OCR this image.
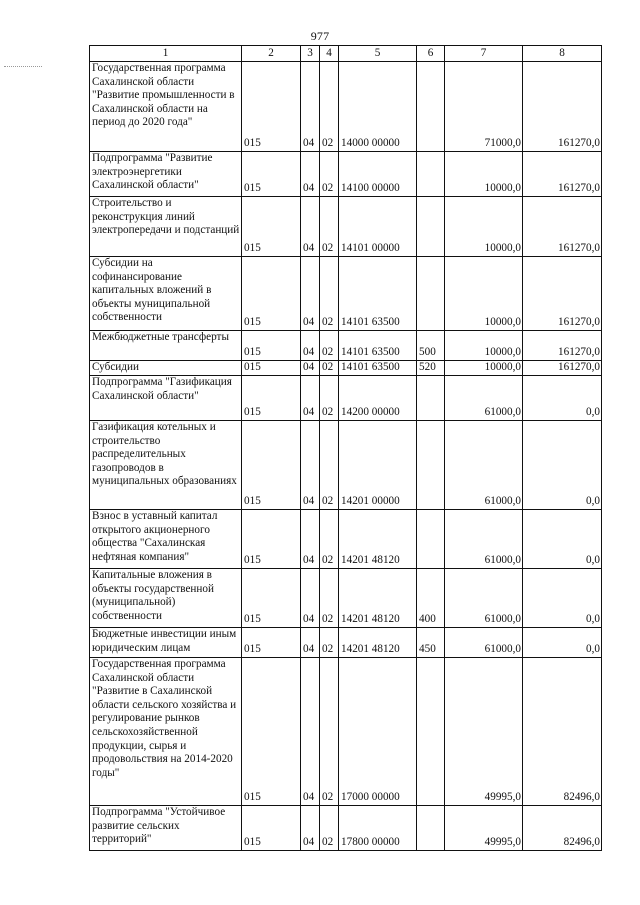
977
1	2	3	4	5	6	7	8
Государственная программа Сахалинской области "Развитие промышленности в Сахалинской области на период до 2020 года"	015	04	02	14000 00000		71000,0	161270,0
Подпрограмма "Развитие электроэнергетики Сахалинской области"	015	04	02	14100 00000		10000,0	161270,0
Строительство и реконструкция линий электропередачи и подстанций	015	04	02	14101 00000		10000,0	161270,0
Субсидии на софинансирование капитальных вложений в объекты муниципальной собственности	015	04	02	14101 63500		10000,0	161270,0
Межбюджетные трансферты	015	04	02	14101 63500	500	10000,0	161270,0
Субсидии	015	04	02	14101 63500	520	10000,0	161270,0
Подпрограмма "Газификация Сахалинской области"	015	04	02	14200 00000		61000,0	0,0
Газификация котельных и строительство распределительных газопроводов в муниципальных образованиях	015	04	02	14201 00000		61000,0	0,0
Взнос в уставный капитал открытого акционерного общества "Сахалинская нефтяная компания"	015	04	02	14201 48120		61000,0	0,0
Капитальные вложения в объекты государственной (муниципальной) собственности	015	04	02	14201 48120	400	61000,0	0,0
Бюджетные инвестиции иным юридическим лицам	015	04	02	14201 48120	450	61000,0	0,0
Государственная программа Сахалинской области "Развитие в Сахалинской области сельского хозяйства и регулирование рынков сельскохозяйственной продукции, сырья и продовольствия на 2014-2020 годы"	015	04	02	17000 00000		49995,0	82496,0
Подпрограмма "Устойчивое развитие сельских территорий"	015	04	02	17800 00000		49995,0	82496,0
